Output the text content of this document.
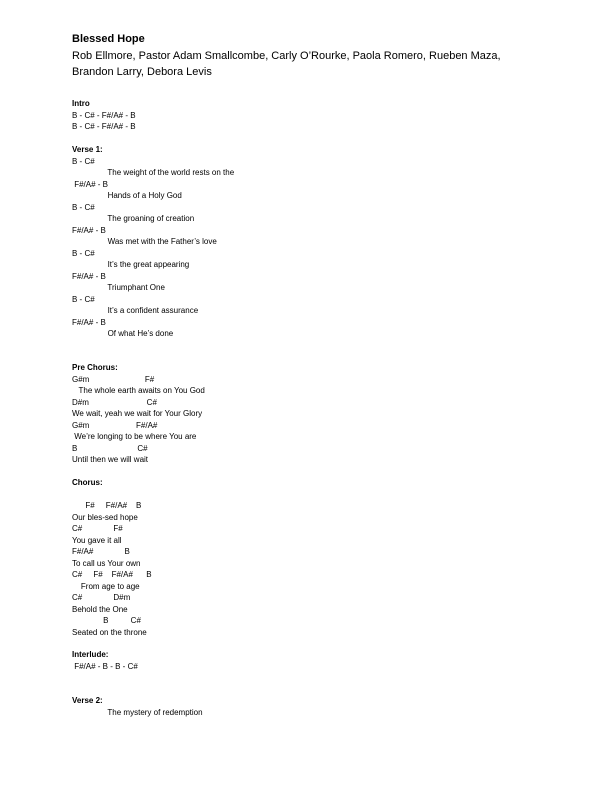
Blessed Hope
Rob Ellmore, Pastor Adam Smallcombe, Carly O’Rourke, Paola Romero, Rueben Maza,
Brandon Larry, Debora Levis
Intro
B - C# - F#/A# - B
B - C# - F#/A# - B
Verse 1:
B - C#
The weight of the world rests on the
F#/A# - B
Hands of a Holy God
B - C#
The groaning of creation
F#/A# - B
Was met with the Father’s love
B - C#
It’s the great appearing
F#/A# - B
Triumphant One
B - C#
It’s a confident assurance
F#/A# - B
Of what He’s done
Pre Chorus:
G#m                         F#
The whole earth awaits on You God
D#m                          C#
We wait, yeah we wait for Your Glory
G#m                     F#/A#
We’re longing to be where You are
B                           C#
Until then we will wait
Chorus:
F#     F#/A#    B
Our bles-sed hope
C#              F#
You gave it all
F#/A#              B
To call us Your own
C#     F#    F#/A#      B
From age to age
C#              D#m
Behold the One
B          C#
Seated on the throne
Interlude:
F#/A# - B - B - C#
Verse 2:
The mystery of redemption
